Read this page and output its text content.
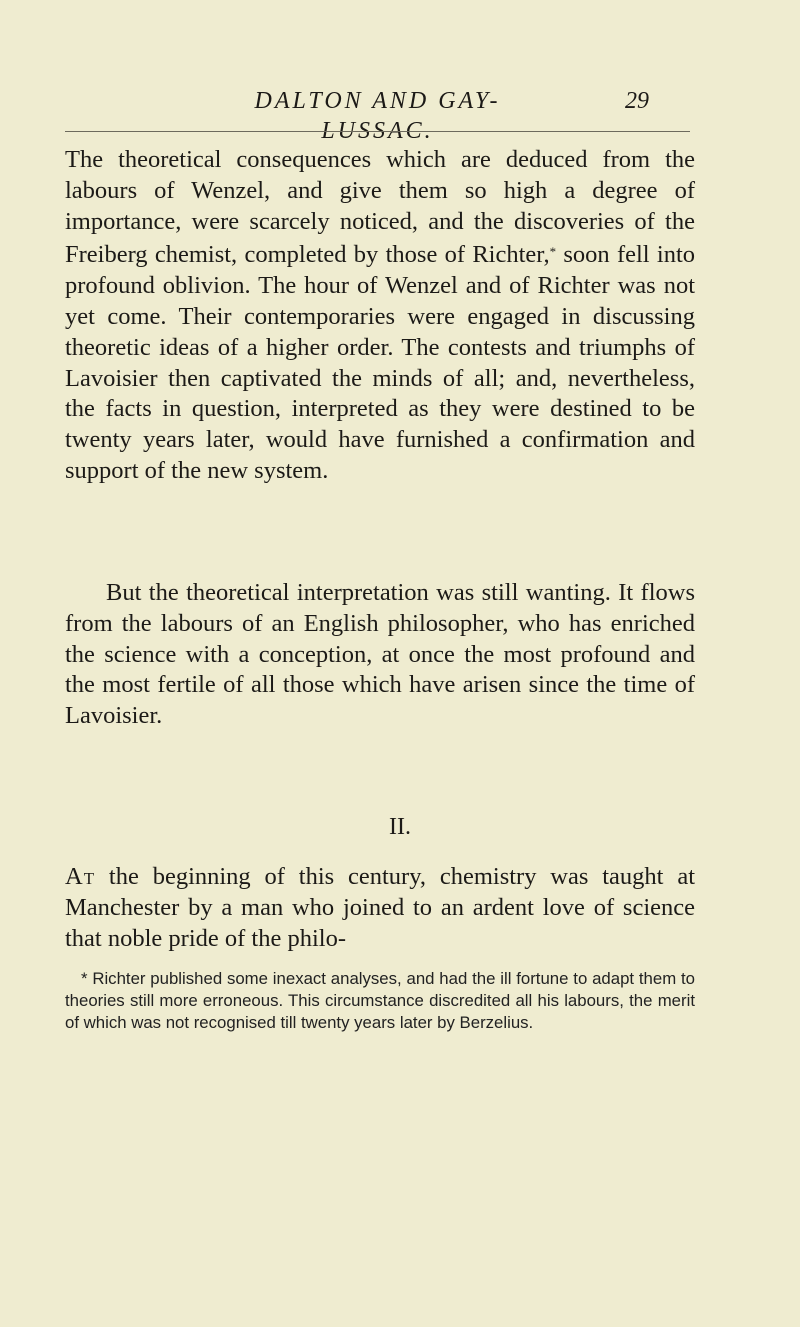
DALTON AND GAY-LUSSAC.
29

The theoretical consequences which are deduced from the labours of Wenzel, and give them so high a degree of importance, were scarcely noticed, and the discoveries of the Freiberg chemist, completed by those of Richter,* soon fell into profound oblivion. The hour of Wenzel and of Richter was not yet come. Their contemporaries were engaged in discussing theoretic ideas of a higher order. The contests and triumphs of Lavoisier then captivated the minds of all; and, nevertheless, the facts in question, interpreted as they were destined to be twenty years later, would have furnished a confirmation and support of the new system.

But the theoretical interpretation was still wanting. It flows from the labours of an English philosopher, who has enriched the science with a conception, at once the most profound and the most fertile of all those which have arisen since the time of Lavoisier.

II.

At the beginning of this century, chemistry was taught at Manchester by a man who joined to an ardent love of science that noble pride of the philo-

* Richter published some inexact analyses, and had the ill fortune to adapt them to theories still more erroneous. This circumstance discredited all his labours, the merit of which was not recognised till twenty years later by Berzelius.
